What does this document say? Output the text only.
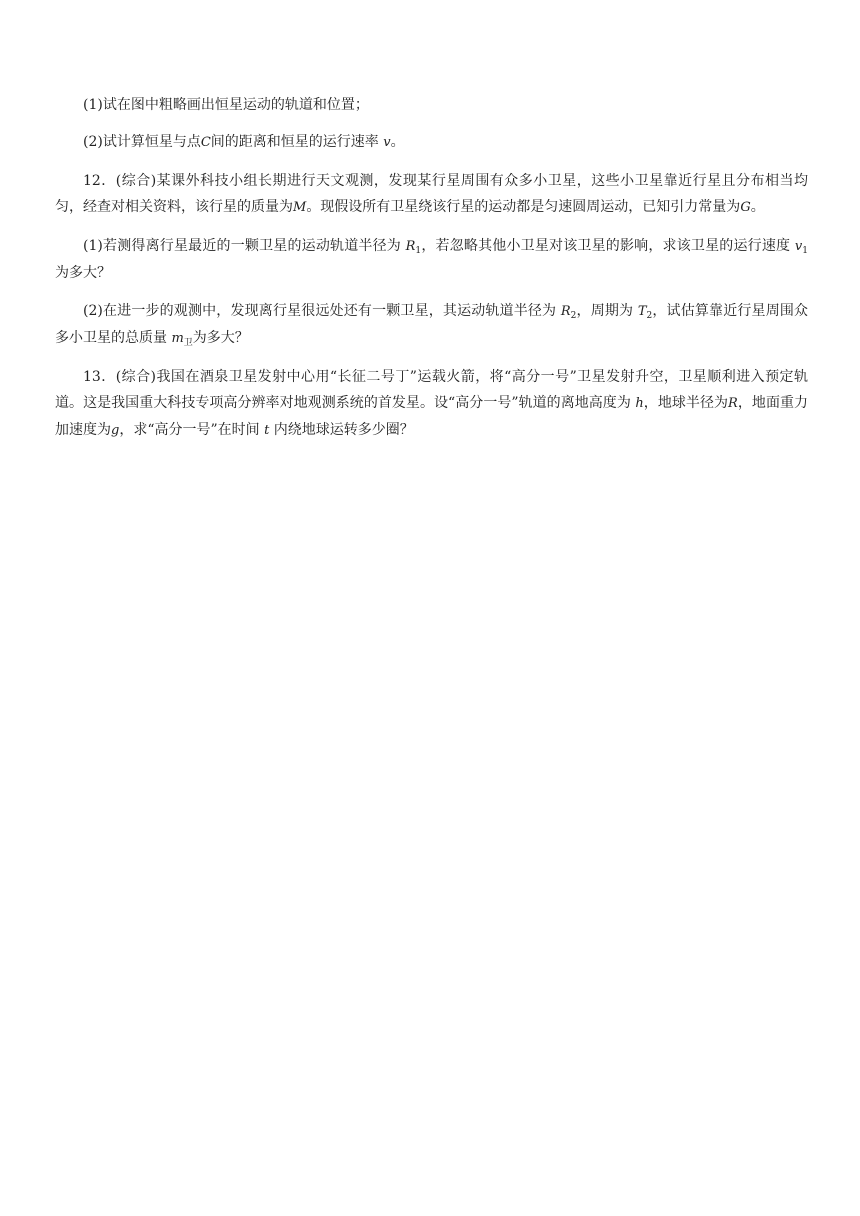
(1)试在图中粗略画出恒星运动的轨道和位置；

(2)试计算恒星与点C间的距离和恒星的运行速率 v。

12．(综合)某课外科技小组长期进行天文观测，发现某行星周围有众多小卫星，这些小卫星靠近行星且分布相当均匀，经查对相关资料，该行星的质量为M。现假设所有卫星绕该行星的运动都是匀速圆周运动，已知引力常量为G。

(1)若测得离行星最近的一颗卫星的运动轨道半径为 $R_1$，若忽略其他小卫星对该卫星的影响，求该卫星的运行速度 $v_1$为多大？

(2)在进一步的观测中，发现离行星很远处还有一颗卫星，其运动轨道半径为 $R_2$，周期为 $T_2$，试估算靠近行星周围众多小卫星的总质量 $m_卫$为多大？

13．(综合)我国在酒泉卫星发射中心用“长征二号丁”运载火箭，将“高分一号”卫星发射升空，卫星顺利进入预定轨道。这是我国重大科技专项高分辨率对地观测系统的首发星。设“高分一号”轨道的离地高度为 h，地球半径为R，地面重力加速度为g，求“高分一号”在时间 t 内绕地球运转多少圈？
